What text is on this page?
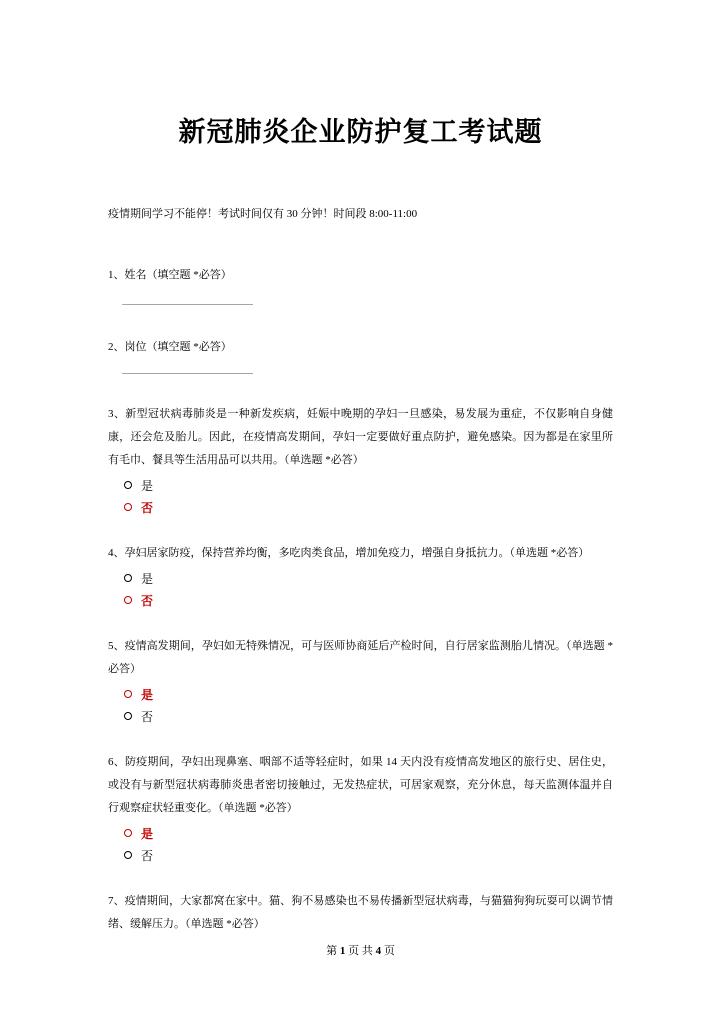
新冠肺炎企业防护复工考试题
疫情期间学习不能停！考试时间仅有 30 分钟！时间段 8:00-11:00
1、姓名（填空题 *必答）
2、岗位（填空题 *必答）
3、新型冠状病毒肺炎是一种新发疾病，妊娠中晚期的孕妇一旦感染，易发展为重症，不仅影响自身健康，还会危及胎儿。因此，在疫情高发期间，孕妇一定要做好重点防护，避免感染。因为都是在家里所有毛巾、餐具等生活用品可以共用。（单选题 *必答）
是
否
4、孕妇居家防疫，保持营养均衡，多吃肉类食品，增加免疫力，增强自身抵抗力。（单选题 *必答）
是
否
5、疫情高发期间，孕妇如无特殊情况，可与医师协商延后产检时间，自行居家监测胎儿情况。（单选题 *必答）
是
否
6、防疫期间，孕妇出现鼻塞、咽部不适等轻症时，如果 14 天内没有疫情高发地区的旅行史、居住史，或没有与新型冠状病毒肺炎患者密切接触过，无发热症状，可居家观察，充分休息，每天监测体温并自行观察症状轻重变化。（单选题 *必答）
是
否
7、疫情期间，大家都窝在家中。猫、狗不易感染也不易传播新型冠状病毒，与猫猫狗狗玩耍可以调节情绪、缓解压力。（单选题 *必答）
第 1 页 共 4 页
